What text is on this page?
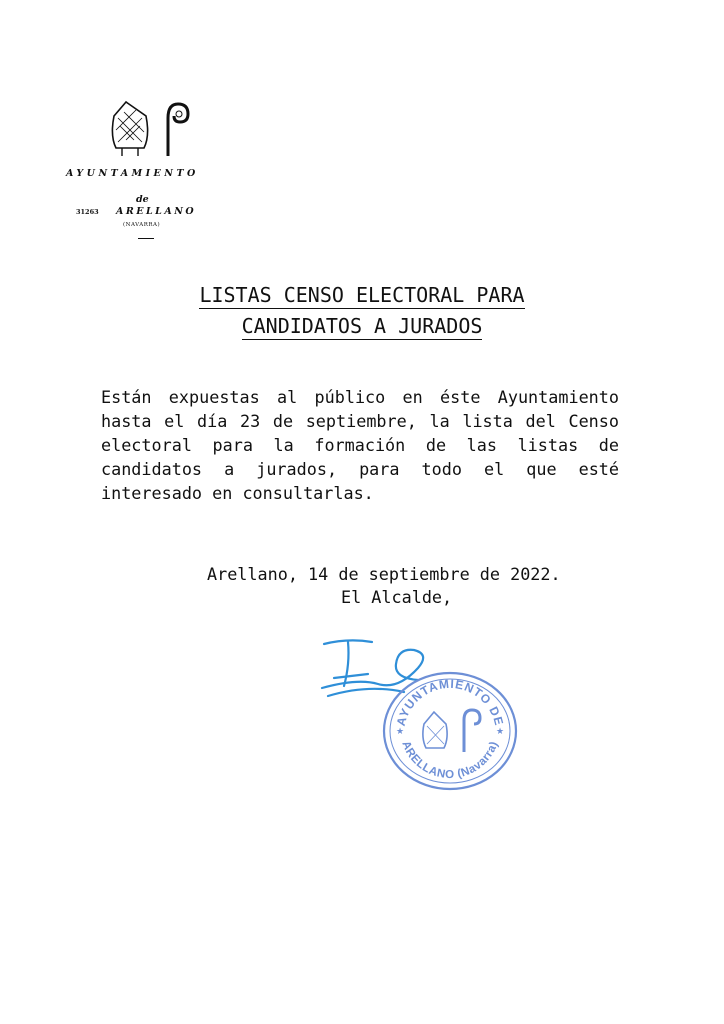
AYUNTAMIENTO
de
31263 ARELLANO
(NAVARRA)
LISTAS CENSO ELECTORAL PARA
CANDIDATOS A JURADOS
Están expuestas al público en éste Ayuntamiento hasta el día 23 de septiembre, la lista del Censo electoral para la formación de las listas de candidatos a jurados, para todo el que esté interesado en consultarlas.
Arellano, 14 de septiembre de 2022.
El Alcalde,
AYUNTAMIENTO DE
ARELLANO (Navarra)
★	★
